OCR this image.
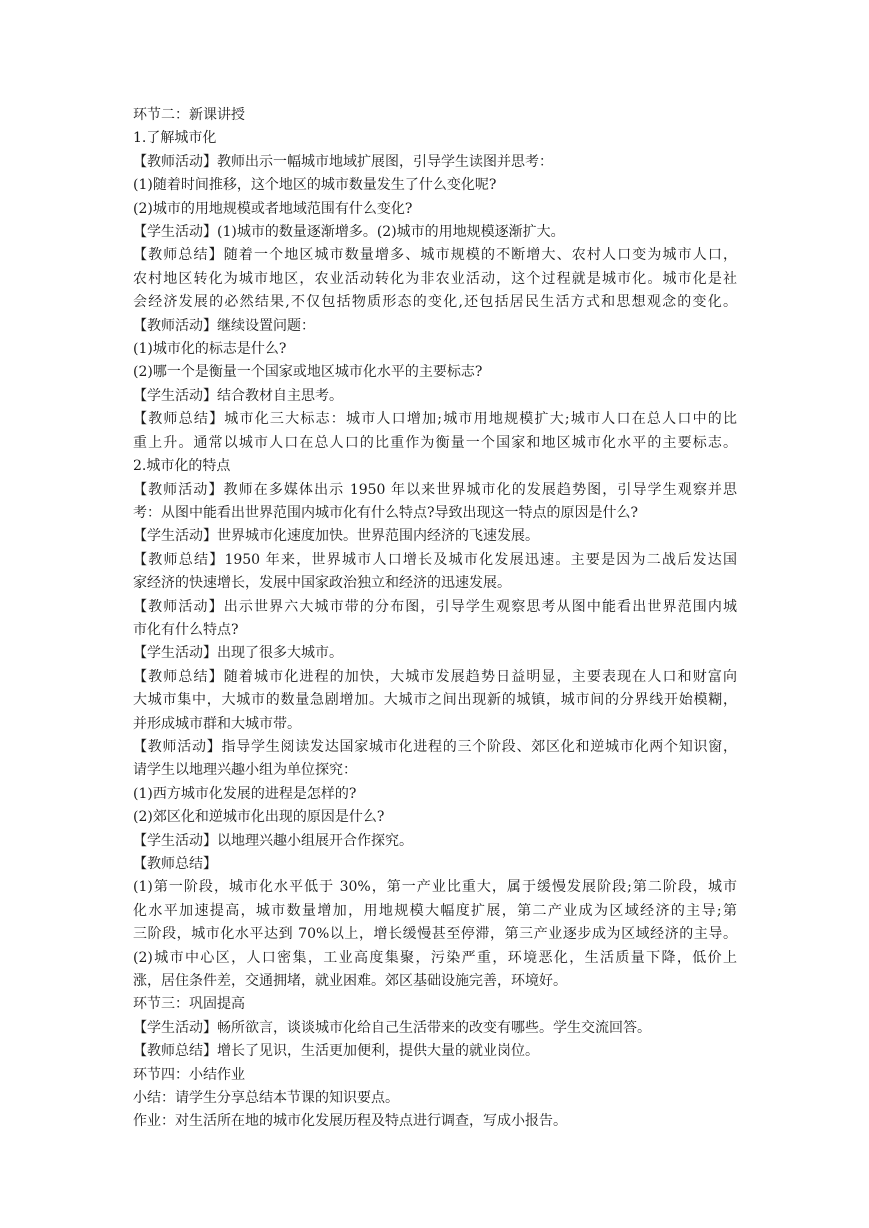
环节二：新课讲授
1.了解城市化
【教师活动】教师出示一幅城市地域扩展图，引导学生读图并思考：
(1)随着时间推移，这个地区的城市数量发生了什么变化呢?
(2)城市的用地规模或者地域范围有什么变化?
【学生活动】(1)城市的数量逐渐增多。(2)城市的用地规模逐渐扩大。
【教师总结】随着一个地区城市数量增多、城市规模的不断增大、农村人口变为城市人口，
农村地区转化为城市地区，农业活动转化为非农业活动，这个过程就是城市化。城市化是社
会经济发展的必然结果,不仅包括物质形态的变化,还包括居民生活方式和思想观念的变化。
【教师活动】继续设置问题：
(1)城市化的标志是什么?
(2)哪一个是衡量一个国家或地区城市化水平的主要标志?
【学生活动】结合教材自主思考。
【教师总结】城市化三大标志：城市人口增加;城市用地规模扩大;城市人口在总人口中的比
重上升。通常以城市人口在总人口的比重作为衡量一个国家和地区城市化水平的主要标志。
2.城市化的特点
【教师活动】教师在多媒体出示 1950 年以来世界城市化的发展趋势图，引导学生观察并思
考：从图中能看出世界范围内城市化有什么特点?导致出现这一特点的原因是什么?
【学生活动】世界城市化速度加快。世界范围内经济的飞速发展。
【教师总结】1950 年来，世界城市人口增长及城市化发展迅速。主要是因为二战后发达国
家经济的快速增长，发展中国家政治独立和经济的迅速发展。
【教师活动】出示世界六大城市带的分布图，引导学生观察思考从图中能看出世界范围内城
市化有什么特点?
【学生活动】出现了很多大城市。
【教师总结】随着城市化进程的加快，大城市发展趋势日益明显，主要表现在人口和财富向
大城市集中，大城市的数量急剧增加。大城市之间出现新的城镇，城市间的分界线开始模糊，
并形成城市群和大城市带。
【教师活动】指导学生阅读发达国家城市化进程的三个阶段、郊区化和逆城市化两个知识窗，
请学生以地理兴趣小组为单位探究：
(1)西方城市化发展的进程是怎样的?
(2)郊区化和逆城市化出现的原因是什么?
【学生活动】以地理兴趣小组展开合作探究。
【教师总结】
(1)第一阶段，城市化水平低于 30%，第一产业比重大，属于缓慢发展阶段;第二阶段，城市
化水平加速提高，城市数量增加，用地规模大幅度扩展，第二产业成为区域经济的主导;第
三阶段，城市化水平达到 70%以上，增长缓慢甚至停滞，第三产业逐步成为区域经济的主导。
(2)城市中心区，人口密集，工业高度集聚，污染严重，环境恶化，生活质量下降，低价上
涨，居住条件差，交通拥堵，就业困难。郊区基础设施完善，环境好。
环节三：巩固提高
【学生活动】畅所欲言，谈谈城市化给自己生活带来的改变有哪些。学生交流回答。
【教师总结】增长了见识，生活更加便利，提供大量的就业岗位。
环节四：小结作业
小结：请学生分享总结本节课的知识要点。
作业：对生活所在地的城市化发展历程及特点进行调查，写成小报告。
